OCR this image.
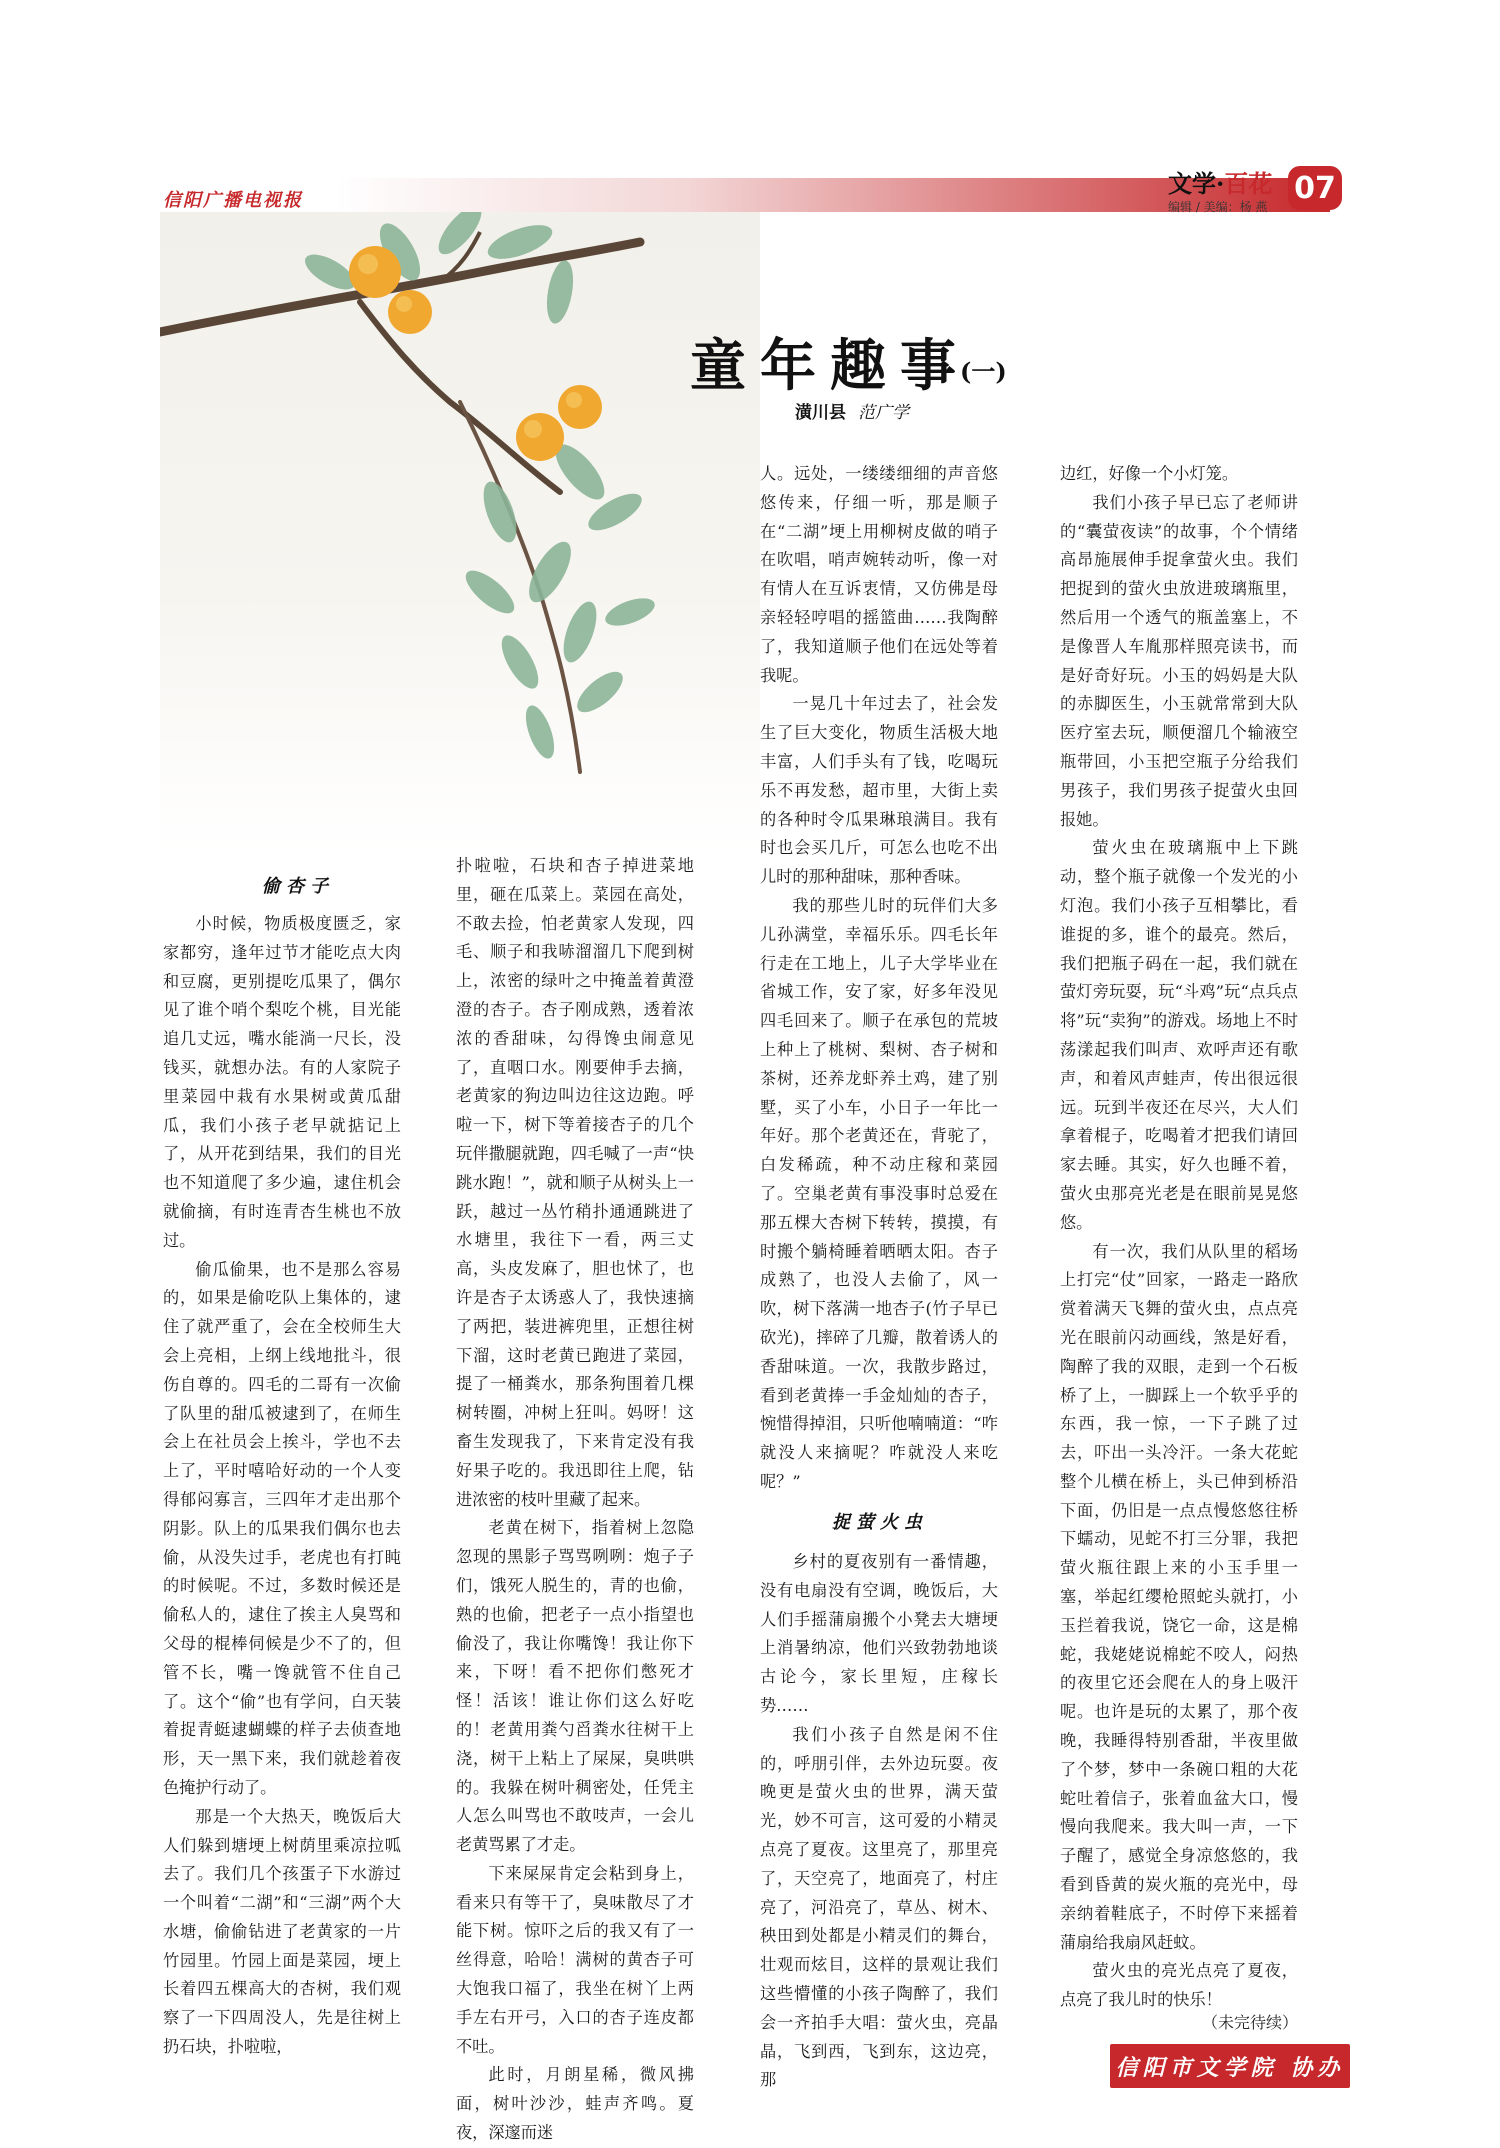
信阳广播电视报
文学·百花
编辑 / 美编：杨 燕
07
童年趣事
(一)
潢川县 范广学
偷杏子

小时候，物质极度匮乏，家家都穷，逢年过节才能吃点大肉和豆腐，更别提吃瓜果了，偶尔见了谁个哨个梨吃个桃，目光能追几丈远，嘴水能淌一尺长，没钱买，就想办法。有的人家院子里菜园中栽有水果树或黄瓜甜瓜，我们小孩子老早就掂记上了，从开花到结果，我们的目光也不知道爬了多少遍，逮住机会就偷摘，有时连青杏生桃也不放过。

偷瓜偷果，也不是那么容易的，如果是偷吃队上集体的，逮住了就严重了，会在全校师生大会上亮相，上纲上线地批斗，很伤自尊的。四毛的二哥有一次偷了队里的甜瓜被逮到了，在师生会上在社员会上挨斗，学也不去上了，平时嘻哈好动的一个人变得郁闷寡言，三四年才走出那个阴影。队上的瓜果我们偶尔也去偷，从没失过手，老虎也有打盹的时候呢。不过，多数时候还是偷私人的，逮住了挨主人臭骂和父母的棍棒伺候是少不了的，但管不长，嘴一馋就管不住自己了。这个“偷”也有学问，白天装着捉青蜓逮蝴蝶的样子去侦查地形，天一黑下来，我们就趁着夜色掩护行动了。

那是一个大热天，晚饭后大人们躲到塘埂上树荫里乘凉拉呱去了。我们几个孩蛋子下水游过一个叫着“二湖”和“三湖”两个大水塘，偷偷钻进了老黄家的一片竹园里。竹园上面是菜园，埂上长着四五棵高大的杏树，我们观察了一下四周没人，先是往树上扔石块，扑啦啦，

扑啦啦，石块和杏子掉进菜地里，砸在瓜菜上。菜园在高处，不敢去捡，怕老黄家人发现，四毛、顺子和我哧溜溜几下爬到树上，浓密的绿叶之中掩盖着黄澄澄的杏子。杏子刚成熟，透着浓浓的香甜味，勾得馋虫闹意见了，直咽口水。刚要伸手去摘，老黄家的狗边叫边往这边跑。呼啦一下，树下等着接杏子的几个玩伴撒腿就跑，四毛喊了一声“快跳水跑！”，就和顺子从树头上一跃，越过一丛竹稍扑通通跳进了水塘里，我往下一看，两三丈高，头皮发麻了，胆也怵了，也许是杏子太诱惑人了，我快速摘了两把，装进裤兜里，正想往树下溜，这时老黄已跑进了菜园，提了一桶粪水，那条狗围着几棵树转圈，冲树上狂叫。妈呀！这畜生发现我了，下来肯定没有我好果子吃的。我迅即往上爬，钻进浓密的枝叶里藏了起来。

老黄在树下，指着树上忽隐忽现的黑影子骂骂咧咧：炮子子们，饿死人脱生的，青的也偷，熟的也偷，把老子一点小指望也偷没了，我让你嘴馋！我让你下来，下呀！看不把你们憋死才怪！活该！谁让你们这么好吃的！老黄用粪勺舀粪水往树干上浇，树干上粘上了屎屎，臭哄哄的。我躲在树叶稠密处，任凭主人怎么叫骂也不敢吱声，一会儿老黄骂累了才走。

下来屎屎肯定会粘到身上，看来只有等干了，臭味散尽了才能下树。惊吓之后的我又有了一丝得意，哈哈！满树的黄杏子可大饱我口福了，我坐在树丫上两手左右开弓，入口的杏子连皮都不吐。

此时，月朗星稀，微风拂面，树叶沙沙，蛙声齐鸣。夏夜，深邃而迷

人。远处，一缕缕细细的声音悠悠传来，仔细一听，那是顺子在“二湖”埂上用柳树皮做的哨子在吹唱，哨声婉转动听，像一对有情人在互诉衷情，又仿佛是母亲轻轻哼唱的摇篮曲……我陶醉了，我知道顺子他们在远处等着我呢。

一晃几十年过去了，社会发生了巨大变化，物质生活极大地丰富，人们手头有了钱，吃喝玩乐不再发愁，超市里，大街上卖的各种时令瓜果琳琅满目。我有时也会买几斤，可怎么也吃不出儿时的那种甜味，那种香味。

我的那些儿时的玩伴们大多儿孙满堂，幸福乐乐。四毛长年行走在工地上，儿子大学毕业在省城工作，安了家，好多年没见四毛回来了。顺子在承包的荒坡上种上了桃树、梨树、杏子树和茶树，还养龙虾养土鸡，建了别墅，买了小车，小日子一年比一年好。那个老黄还在，背驼了，白发稀疏，种不动庄稼和菜园了。空巢老黄有事没事时总爱在那五棵大杏树下转转，摸摸，有时搬个躺椅睡着晒晒太阳。杏子成熟了，也没人去偷了，风一吹，树下落满一地杏子(竹子早已砍光)，摔碎了几瓣，散着诱人的香甜味道。一次，我散步路过，看到老黄捧一手金灿灿的杏子，惋惜得掉泪，只听他喃喃道：“咋就没人来摘呢？咋就没人来吃呢？”

捉萤火虫

乡村的夏夜别有一番情趣，没有电扇没有空调，晚饭后，大人们手摇蒲扇搬个小凳去大塘埂上消暑纳凉，他们兴致勃勃地谈古论今，家长里短，庄稼长势……

我们小孩子自然是闲不住的，呼朋引伴，去外边玩耍。夜晚更是萤火虫的世界，满天萤光，妙不可言，这可爱的小精灵点亮了夏夜。这里亮了，那里亮了，天空亮了，地面亮了，村庄亮了，河沿亮了，草丛、树木、秧田到处都是小精灵们的舞台，壮观而炫目，这样的景观让我们这些懵懂的小孩子陶醉了，我们会一齐拍手大唱：萤火虫，亮晶晶，飞到西，飞到东，这边亮，那

边红，好像一个小灯笼。

我们小孩子早已忘了老师讲的“囊萤夜读”的故事，个个情绪高昂施展伸手捉拿萤火虫。我们把捉到的萤火虫放进玻璃瓶里，然后用一个透气的瓶盖塞上，不是像晋人车胤那样照亮读书，而是好奇好玩。小玉的妈妈是大队的赤脚医生，小玉就常常到大队医疗室去玩，顺便溜几个输液空瓶带回，小玉把空瓶子分给我们男孩子，我们男孩子捉萤火虫回报她。

萤火虫在玻璃瓶中上下跳动，整个瓶子就像一个发光的小灯泡。我们小孩子互相攀比，看谁捉的多，谁个的最亮。然后，我们把瓶子码在一起，我们就在萤灯旁玩耍，玩“斗鸡”玩“点兵点将”玩“卖狗”的游戏。场地上不时荡漾起我们叫声、欢呼声还有歌声，和着风声蛙声，传出很远很远。玩到半夜还在尽兴，大人们拿着棍子，吃喝着才把我们请回家去睡。其实，好久也睡不着，萤火虫那亮光老是在眼前晃晃悠悠。

有一次，我们从队里的稻场上打完“仗”回家，一路走一路欣赏着满天飞舞的萤火虫，点点亮光在眼前闪动画线，煞是好看，陶醉了我的双眼，走到一个石板桥了上，一脚踩上一个软乎乎的东西，我一惊，一下子跳了过去，吓出一头冷汗。一条大花蛇整个儿横在桥上，头已伸到桥沿下面，仍旧是一点点慢悠悠往桥下蠕动，见蛇不打三分罪，我把萤火瓶往跟上来的小玉手里一塞，举起红缨枪照蛇头就打，小玉拦着我说，饶它一命，这是棉蛇，我姥姥说棉蛇不咬人，闷热的夜里它还会爬在人的身上吸汗呢。也许是玩的太累了，那个夜晚，我睡得特别香甜，半夜里做了个梦，梦中一条碗口粗的大花蛇吐着信子，张着血盆大口，慢慢向我爬来。我大叫一声，一下子醒了，感觉全身凉悠悠的，我看到昏黄的炭火瓶的亮光中，母亲纳着鞋底子，不时停下来摇着蒲扇给我扇风赶蚊。

萤火虫的亮光点亮了夏夜，点亮了我儿时的快乐！

（未完待续）
信阳市文学院 协办
